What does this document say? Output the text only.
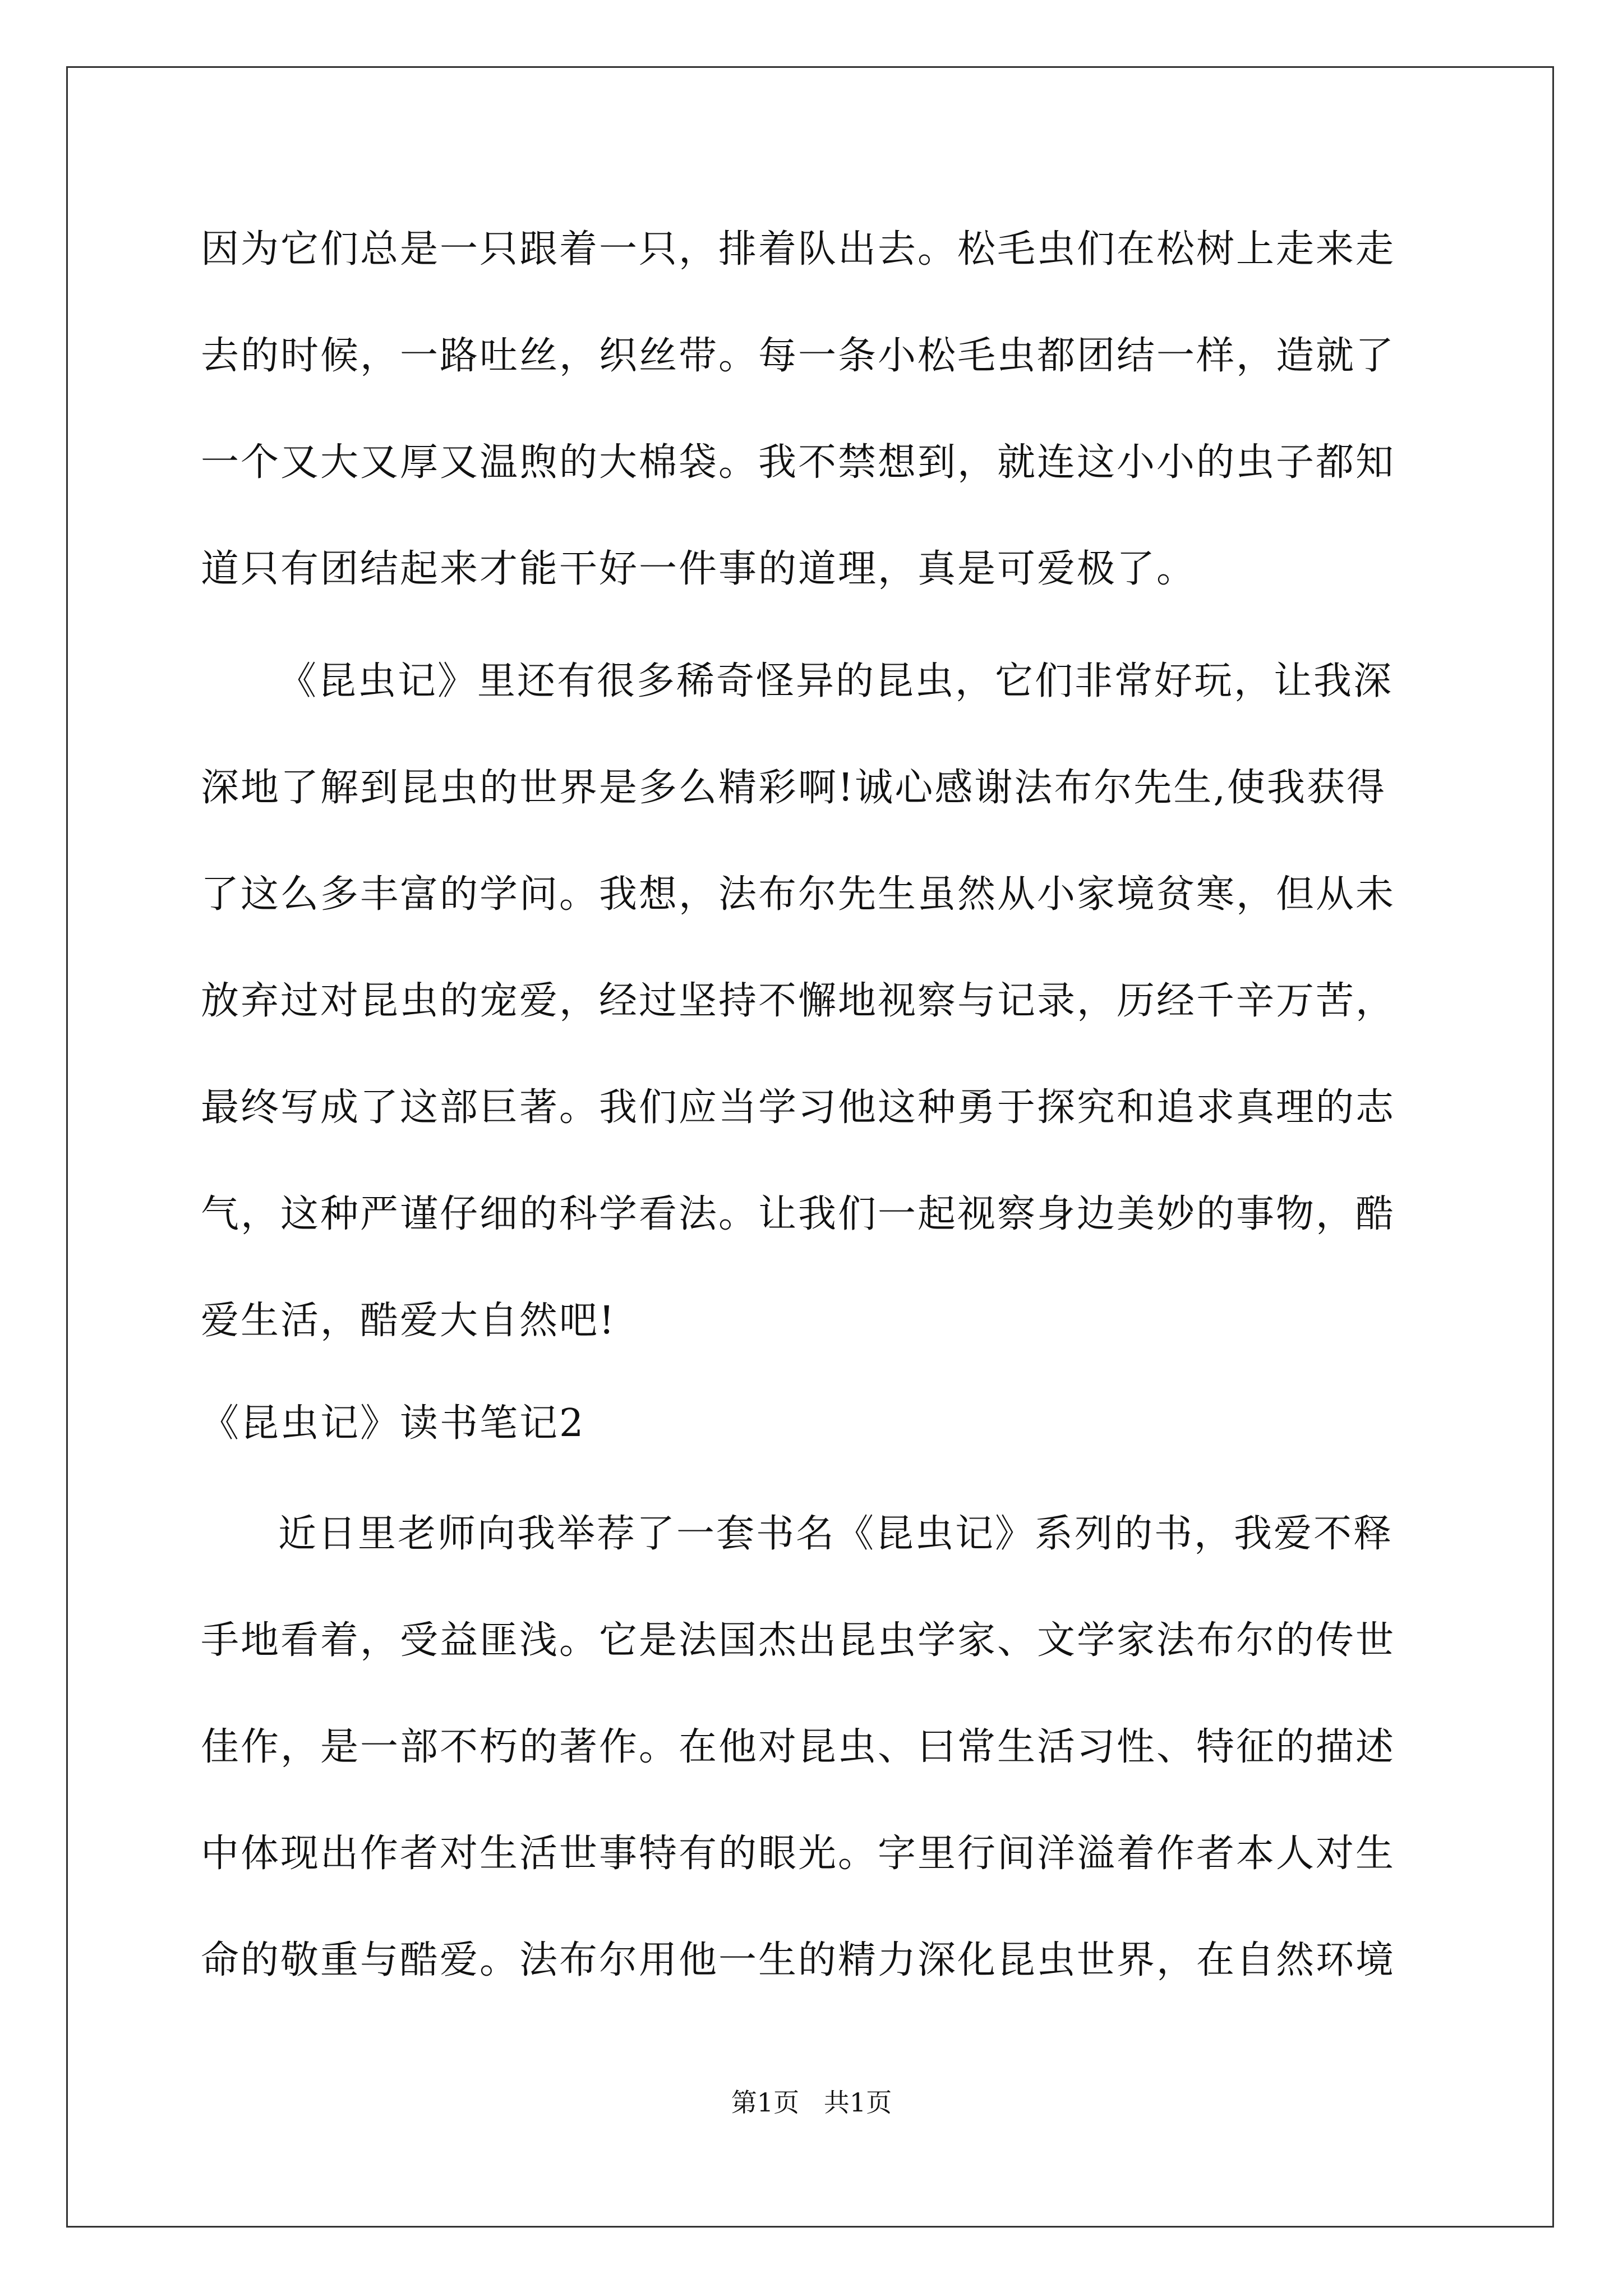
因为它们总是一只跟着一只，排着队出去。松毛虫们在松树上走来走
去的时候，一路吐丝，织丝带。每一条小松毛虫都团结一样，造就了
一个又大又厚又温煦的大棉袋。我不禁想到，就连这小小的虫子都知
道只有团结起来才能干好一件事的道理，真是可爱极了。
《昆虫记》里还有很多稀奇怪异的昆虫，它们非常好玩，让我深
深地了解到昆虫的世界是多么精彩啊!诚心感谢法布尔先生,使我获得
了这么多丰富的学问。我想，法布尔先生虽然从小家境贫寒，但从未
放弃过对昆虫的宠爱，经过坚持不懈地视察与记录，历经千辛万苦，
最终写成了这部巨著。我们应当学习他这种勇于探究和追求真理的志
气，这种严谨仔细的科学看法。让我们一起视察身边美妙的事物，酷
爱生活，酷爱大自然吧!
《昆虫记》读书笔记2
近日里老师向我举荐了一套书名《昆虫记》系列的书，我爱不释
手地看着，受益匪浅。它是法国杰出昆虫学家、文学家法布尔的传世
佳作，是一部不朽的著作。在他对昆虫、曰常生活习性、特征的描述
中体现出作者对生活世事特有的眼光。字里行间洋溢着作者本人对生
命的敬重与酷爱。法布尔用他一生的精力深化昆虫世界，在自然环境
第1页   共1页
